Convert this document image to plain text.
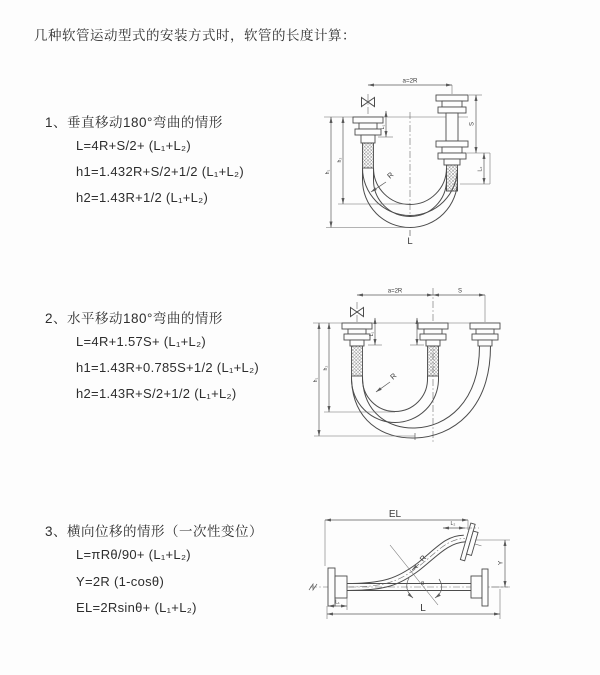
几种软管运动型式的安装方式时，软管的长度计算：
1、垂直移动180°弯曲的情形
L=4R+S/2+ (L₁+L₂)
h1=1.432R+S/2+1/2 (L₁+L₂)
h2=1.43R+1/2 (L₁+L₂)
a=2R
L₁
S
L₂
h₁
h₂
R
L
2、水平移动180°弯曲的情形
L=4R+1.57S+ (L₁+L₂)
h1=1.43R+0.785S+1/2 (L₁+L₂)
h2=1.43R+S/2+1/2 (L₁+L₂)
a=2R	S
L₁
h₁
h₂
R
3、横向位移的情形（一次性变位）
L=πRθ/90+ (L₁+L₂)
Y=2R (1-cosθ)
EL=2Rsinθ+ (L₁+L₂)
EL
L₂
Y
R
θ
L
L₁
